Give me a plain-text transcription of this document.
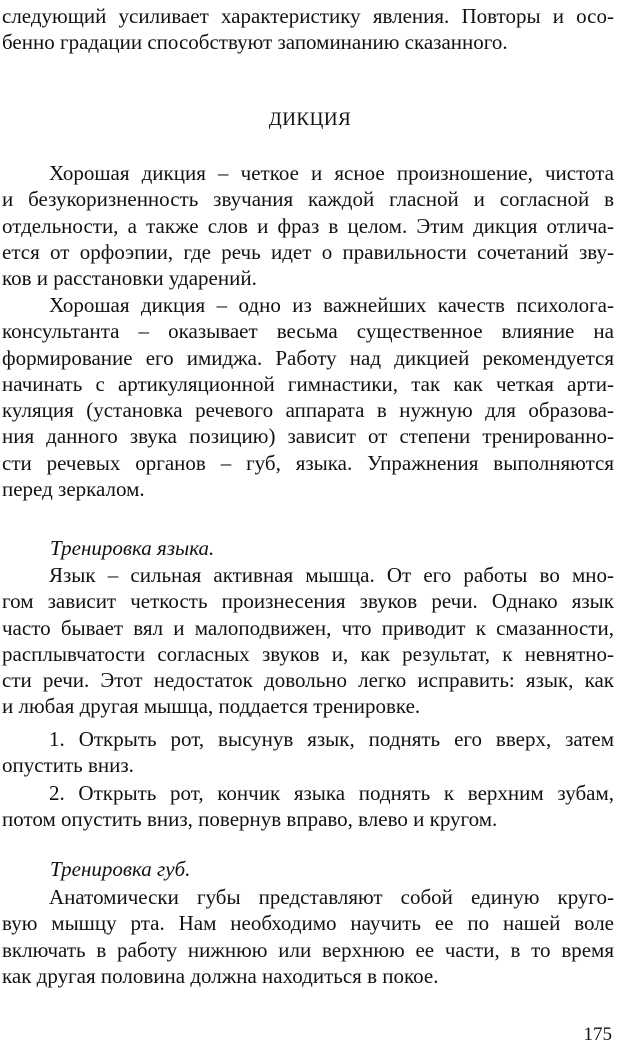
следующий усиливает характеристику явления. Повторы и осо-
бенно градации способствуют запоминанию сказанного.
ДИКЦИЯ
Хорошая дикция – четкое и ясное произношение, чистота
и безукоризненность звучания каждой гласной и согласной в
отдельности, а также слов и фраз в целом. Этим дикция отлича-
ется от орфоэпии, где речь идет о правильности сочетаний зву-
ков и расстановки ударений.
Хорошая дикция – одно из важнейших качеств психолога-
консультанта – оказывает весьма существенное влияние на
формирование его имиджа. Работу над дикцией рекомендуется
начинать с артикуляционной гимнастики, так как четкая арти-
куляция (установка речевого аппарата в нужную для образова-
ния данного звука позицию) зависит от степени тренированно-
сти речевых органов – губ, языка. Упражнения выполняются
перед зеркалом.
Тренировка языка.
Язык – сильная активная мышца. От его работы во мно-
гом зависит четкость произнесения звуков речи. Однако язык
часто бывает вял и малоподвижен, что приводит к смазанности,
расплывчатости согласных звуков и, как результат, к невнятно-
сти речи. Этот недостаток довольно легко исправить: язык, как
и любая другая мышца, поддается тренировке.
1. Открыть рот, высунув язык, поднять его вверх, затем
опустить вниз.
2. Открыть рот, кончик языка поднять к верхним зубам,
потом опустить вниз, повернув вправо, влево и кругом.
Тренировка губ.
Анатомически губы представляют собой единую круго-
вую мышцу рта. Нам необходимо научить ее по нашей воле
включать в работу нижнюю или верхнюю ее части, в то время
как другая половина должна находиться в покое.
175
